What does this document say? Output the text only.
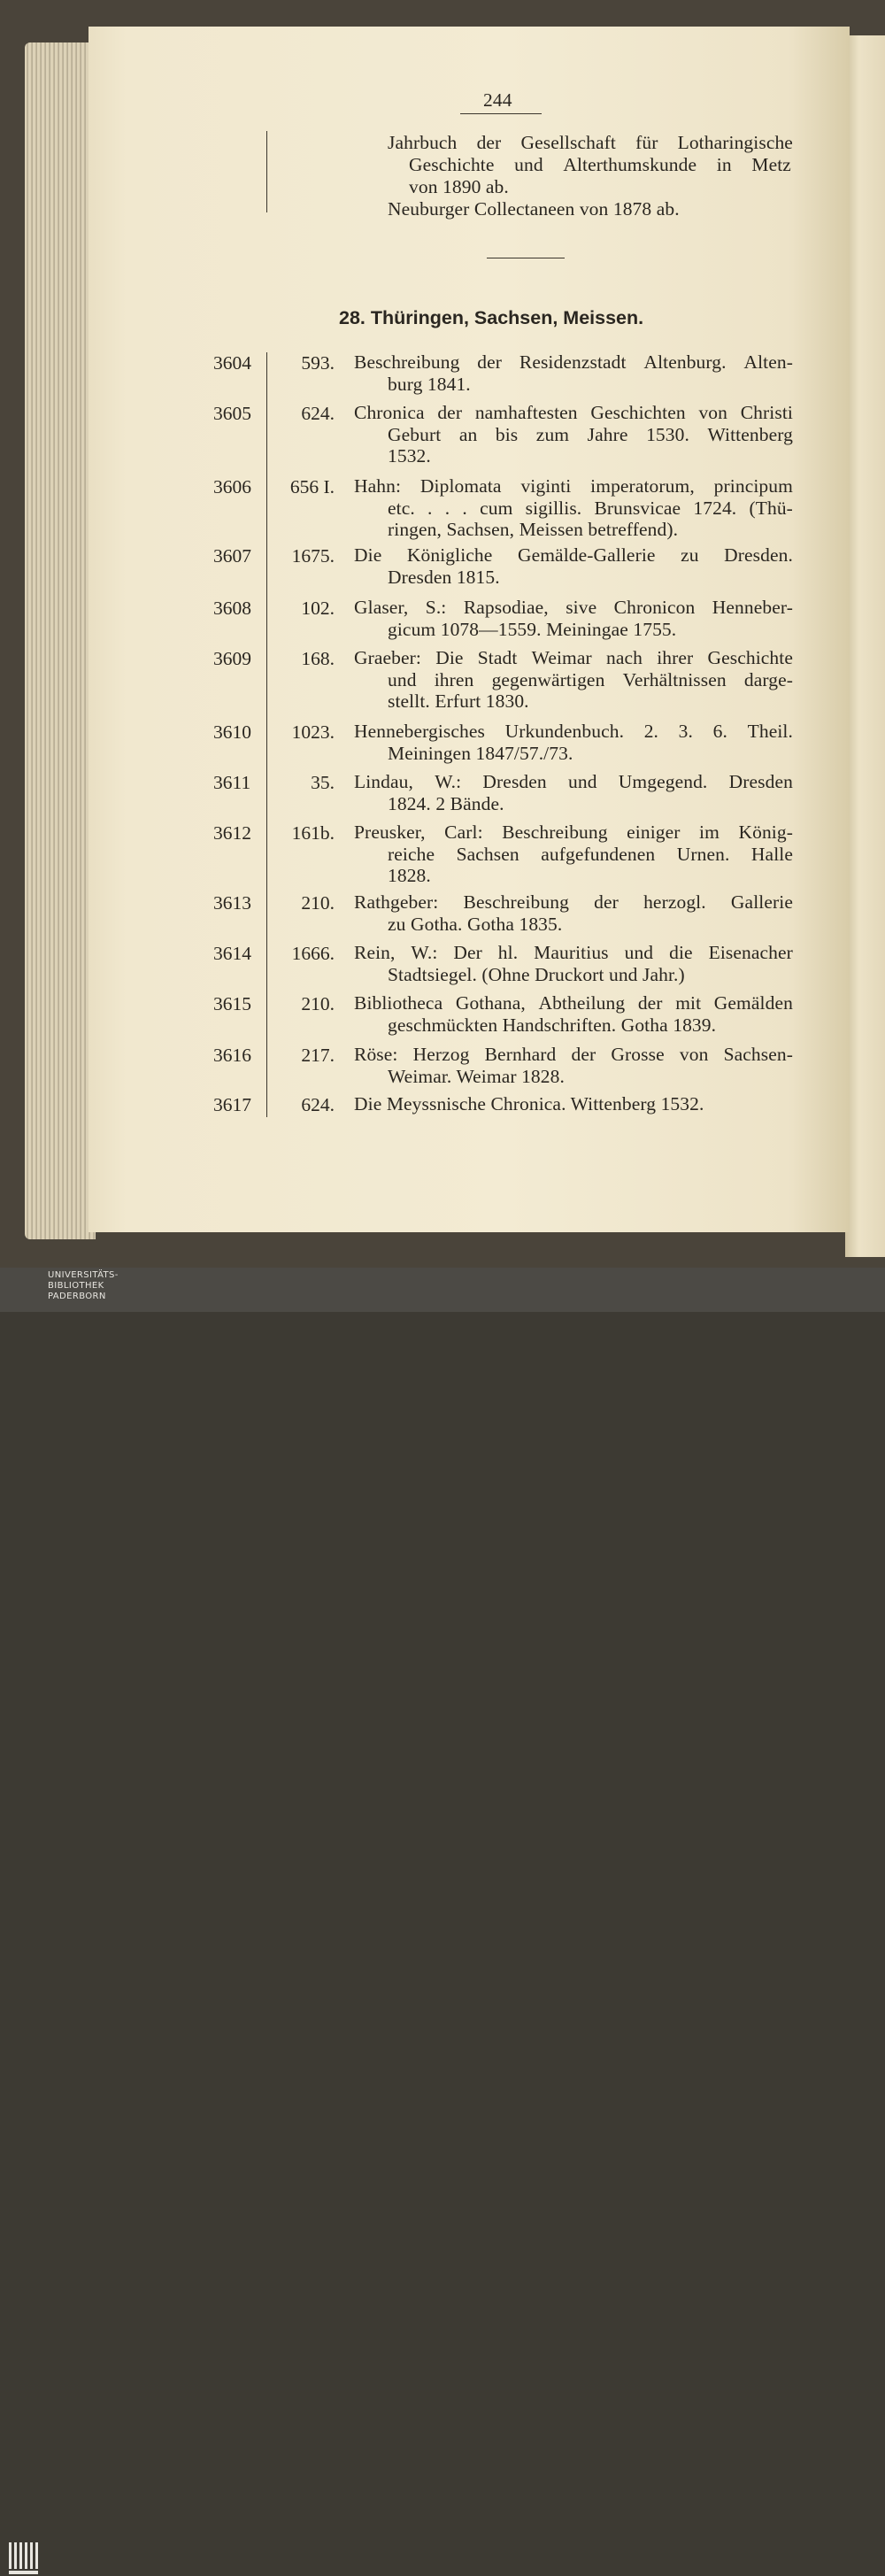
244
Jahrbuch der Gesellschaft für Lotharingische
Geschichte und Alterthumskunde in Metz
von 1890 ab.
Neuburger Collectaneen von 1878 ab.
28. Thüringen, Sachsen, Meissen.
3604	593. Beschreibung der Residenzstadt Altenburg. Alten-
burg 1841.
3605	624. Chronica der namhaftesten Geschichten von Christi
Geburt an bis zum Jahre 1530. Wittenberg
1532.
3606	656 I. Hahn: Diplomata viginti imperatorum, principum
etc. . . . cum sigillis. Brunsvicae 1724. (Thü-
ringen, Sachsen, Meissen betreffend).
3607	1675. Die Königliche Gemälde-Gallerie zu Dresden.
Dresden 1815.
3608	102. Glaser, S.: Rapsodiae, sive Chronicon Henneber-
gicum 1078—1559. Meiningae 1755.
3609	168. Graeber: Die Stadt Weimar nach ihrer Geschichte
und ihren gegenwärtigen Verhältnissen darge-
stellt. Erfurt 1830.
3610	1023. Hennebergisches Urkundenbuch. 2. 3. 6. Theil.
Meiningen 1847/57./73.
3611	35. Lindau, W.: Dresden und Umgegend. Dresden
1824. 2 Bände.
3612	161b. Preusker, Carl: Beschreibung einiger im König-
reiche Sachsen aufgefundenen Urnen. Halle
1828.
3613	210. Rathgeber: Beschreibung der herzogl. Gallerie
zu Gotha. Gotha 1835.
3614	1666. Rein, W.: Der hl. Mauritius und die Eisenacher
Stadtsiegel. (Ohne Druckort und Jahr.)
3615	210. Bibliotheca Gothana, Abtheilung der mit Gemälden
geschmückten Handschriften. Gotha 1839.
3616	217. Röse: Herzog Bernhard der Grosse von Sachsen-
Weimar. Weimar 1828.
3617	624. Die Meyssnische Chronica. Wittenberg 1532.
UNIVERSITÄTS-
BIBLIOTHEK
PADERBORN
